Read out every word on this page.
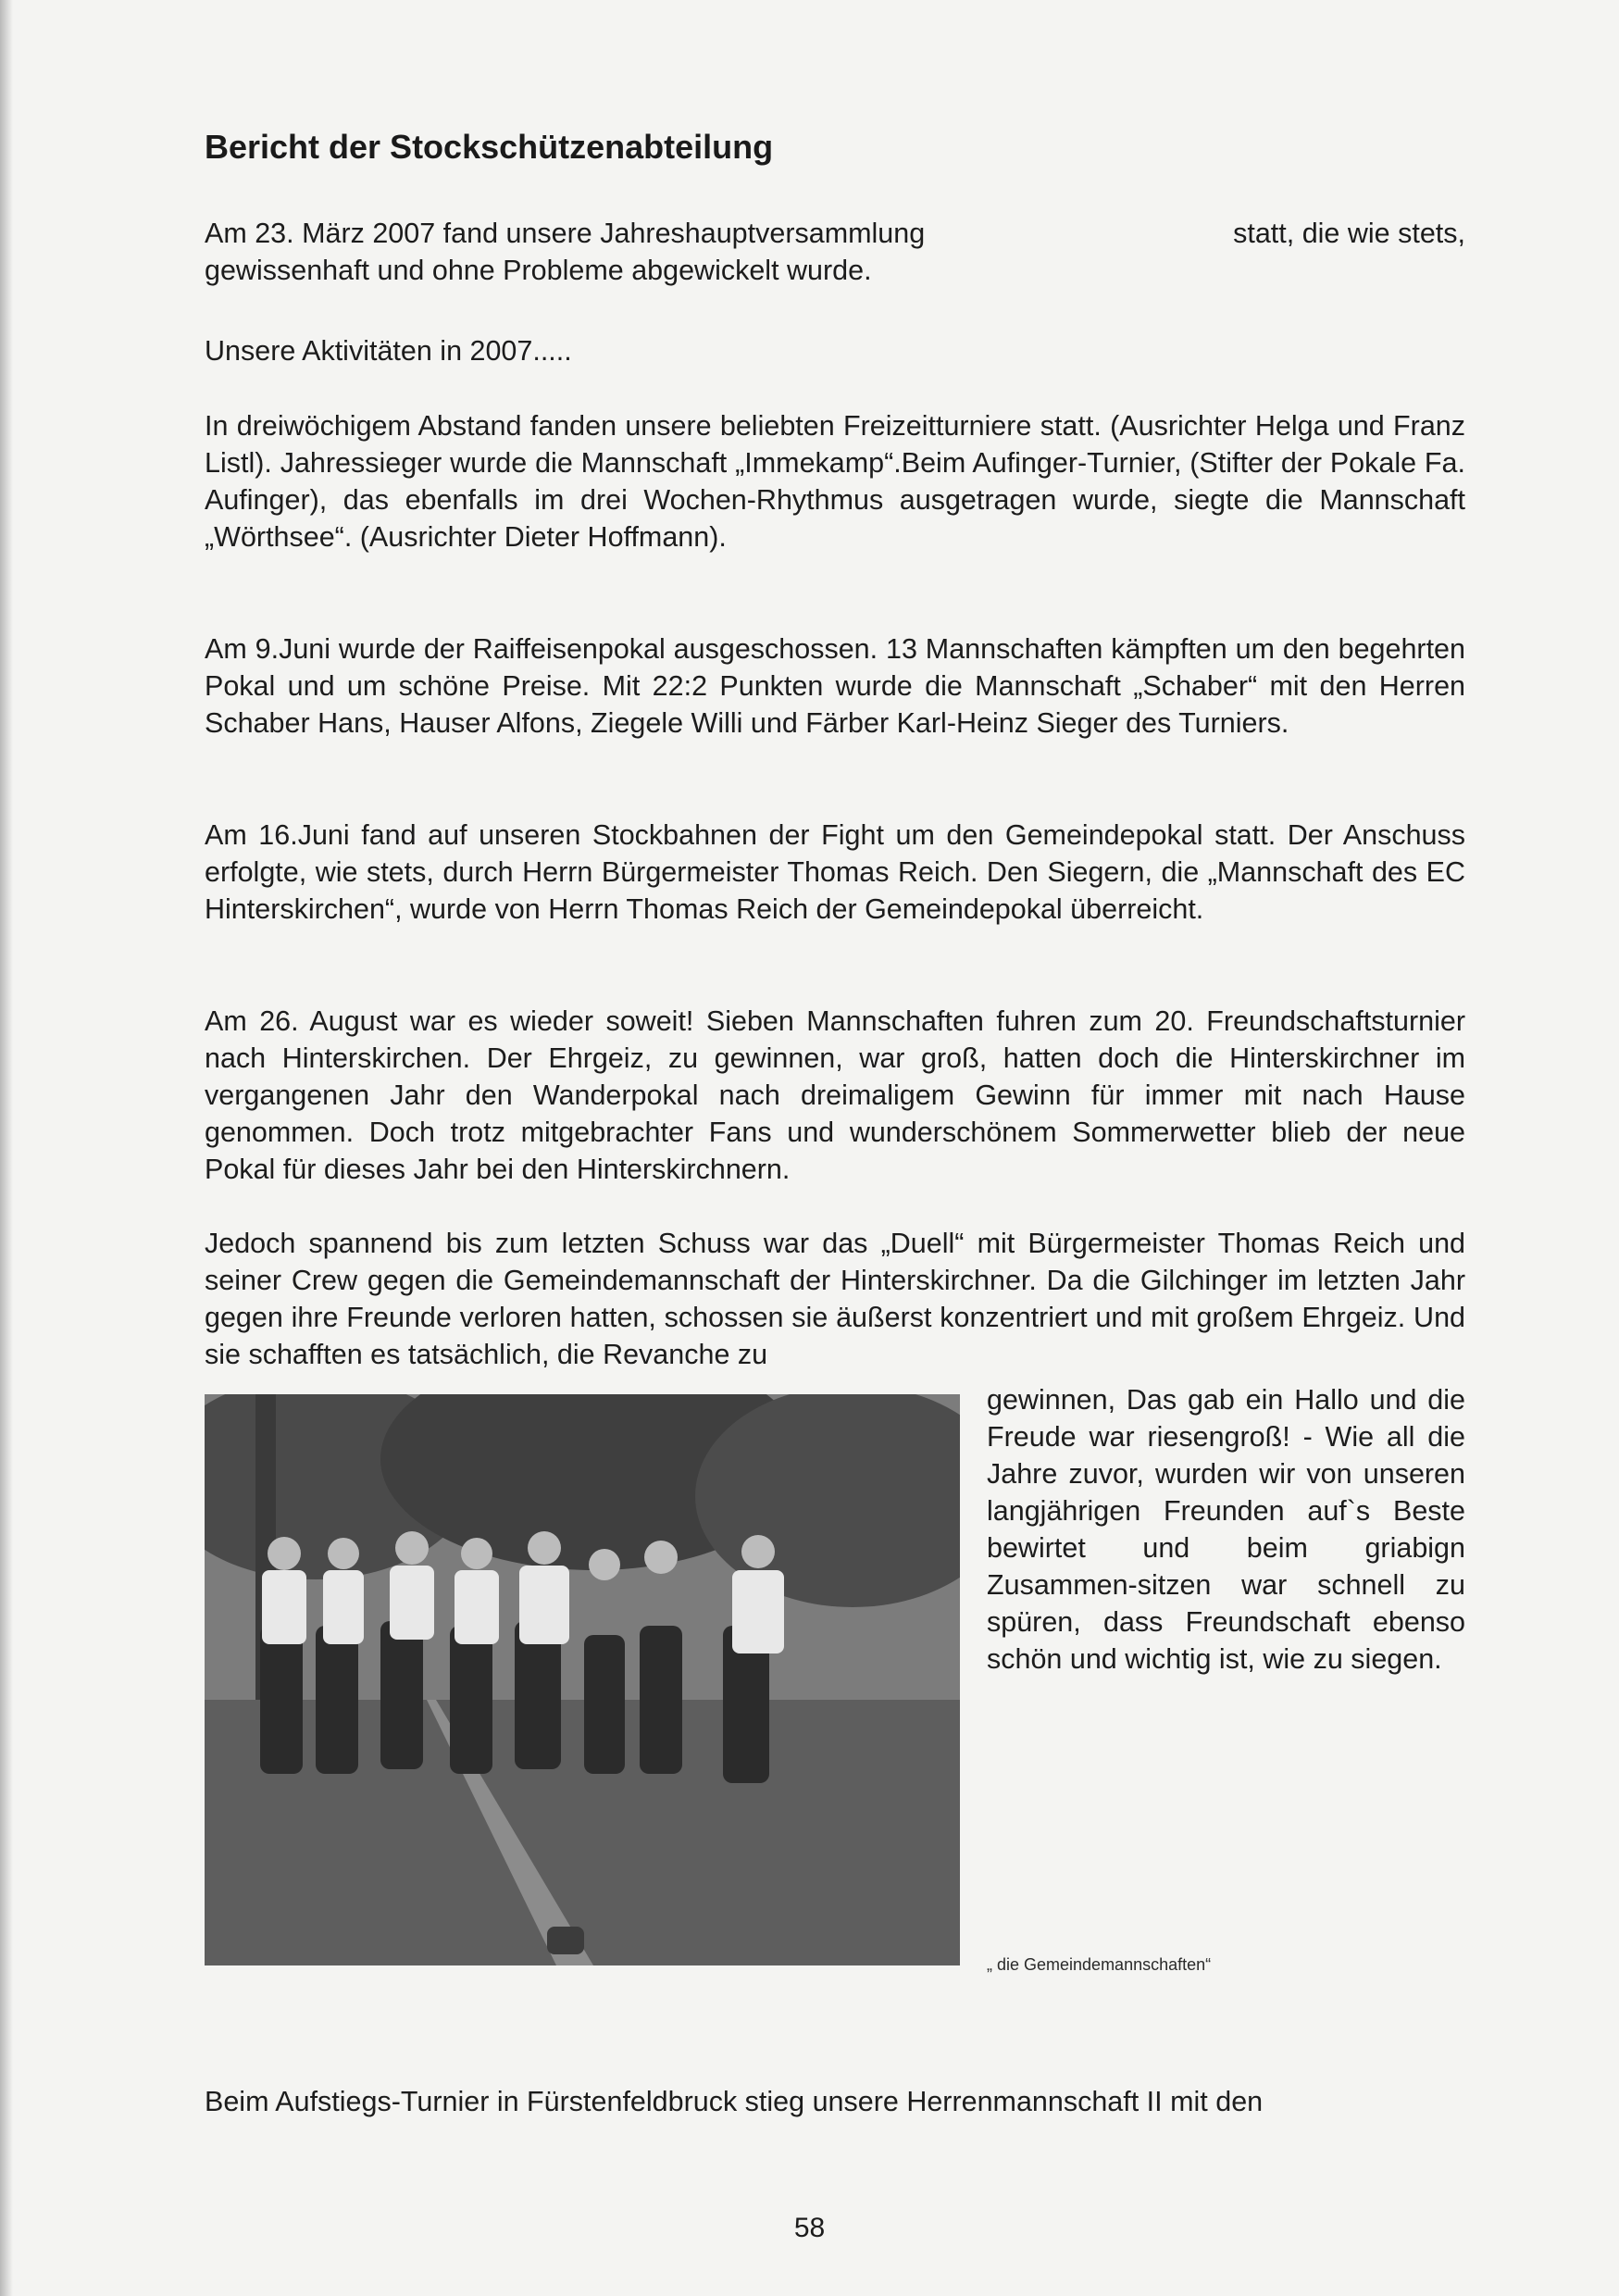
Bericht der Stockschützenabteilung
Am 23. März 2007 fand unsere Jahreshauptversammlung	statt, die wie stets,
gewissenhaft und ohne Probleme abgewickelt wurde.

Unsere Aktivitäten in 2007.....

In dreiwöchigem Abstand fanden unsere beliebten Freizeitturniere statt. (Ausrichter Helga und Franz Listl). Jahressieger wurde die Mannschaft „Immekamp“.Beim Aufinger-Turnier, (Stifter der Pokale Fa. Aufinger), das ebenfalls im drei Wochen-Rhythmus ausgetragen wurde, siegte die Mannschaft „Wörthsee“. (Ausrichter Dieter Hoffmann).

Am 9.Juni wurde der Raiffeisenpokal ausgeschossen. 13 Mannschaften kämpften um den begehrten Pokal und um schöne Preise. Mit 22:2 Punkten wurde die Mannschaft „Schaber“ mit den Herren Schaber Hans, Hauser Alfons, Ziegele Willi und Färber Karl-Heinz Sieger des Turniers.

Am 16.Juni fand auf unseren Stockbahnen der Fight um den Gemeindepokal statt. Der Anschuss erfolgte, wie stets, durch Herrn Bürgermeister Thomas Reich. Den Siegern, die „Mannschaft des EC Hinterskirchen“, wurde von Herrn Thomas Reich der Gemeindepokal überreicht.

Am 26. August war es wieder soweit! Sieben Mannschaften fuhren zum 20. Freundschaftsturnier nach Hinterskirchen. Der Ehrgeiz, zu gewinnen, war groß, hatten doch die Hinterskirchner im vergangenen Jahr den Wanderpokal nach dreimaligem Gewinn für immer mit nach Hause genommen. Doch trotz mitgebrachter Fans und wunderschönem Sommerwetter blieb der neue Pokal für dieses Jahr bei den Hinterskirchnern.

Jedoch spannend bis zum letzten Schuss war das „Duell“ mit Bürgermeister Thomas Reich und seiner Crew gegen die Gemeindemannschaft der Hinterskirchner. Da die Gilchinger im letzten Jahr gegen ihre Freunde verloren hatten, schossen sie äußerst konzentriert und mit großem Ehrgeiz. Und sie schafften es tatsächlich, die Revanche zu

gewinnen, Das gab ein Hallo und die Freude war riesengroß! - Wie all die Jahre zuvor, wurden wir von unseren langjährigen Freunden auf`s Beste bewirtet und beim griabign Zusammen-sitzen war schnell zu spüren, dass Freundschaft ebenso schön und wichtig ist, wie zu siegen.

„ die Gemeindemannschaften“

Beim Aufstiegs-Turnier in Fürstenfeldbruck stieg unsere Herrenmannschaft II mit den

58
